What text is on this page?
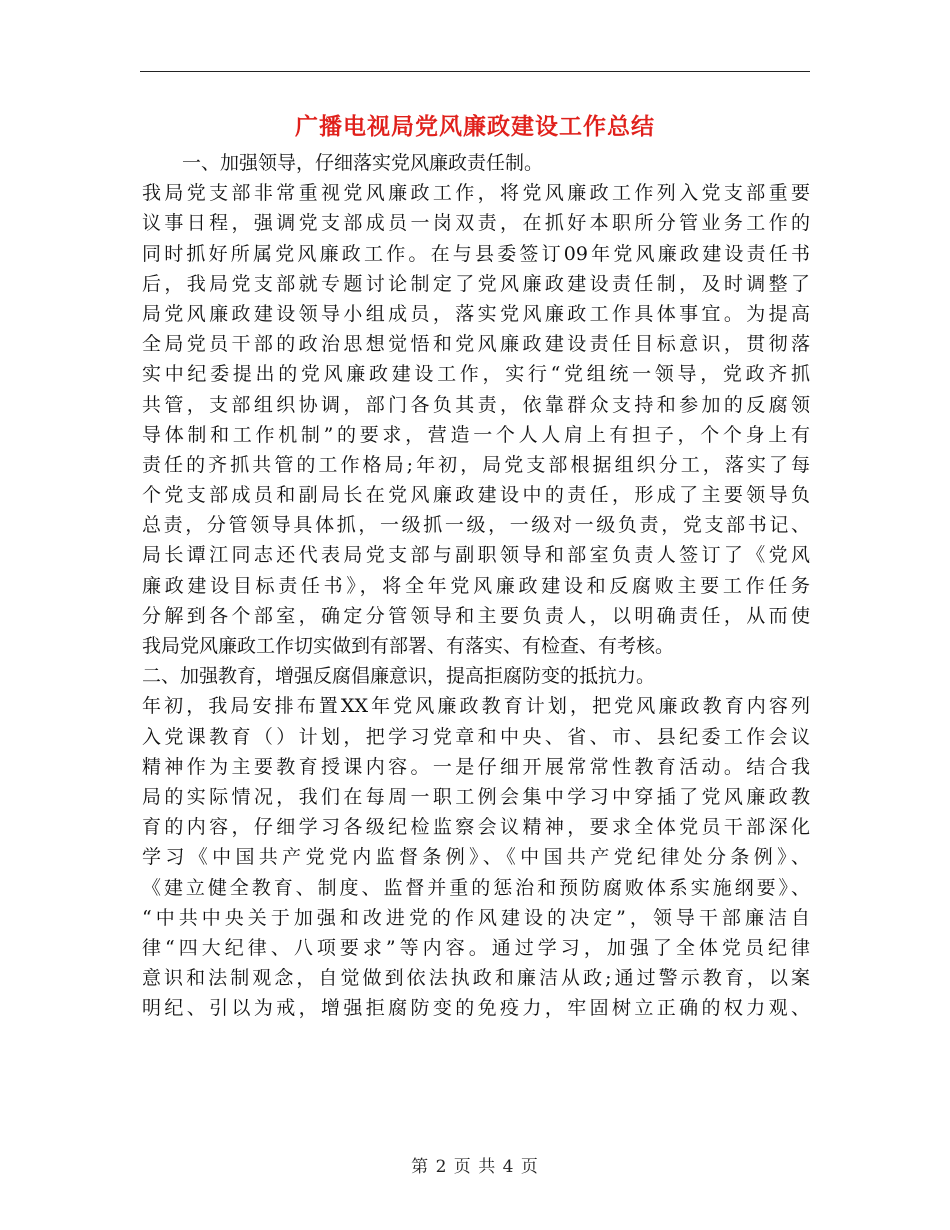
广播电视局党风廉政建设工作总结
一、加强领导，仔细落实党风廉政责任制。
我局党支部非常重视党风廉政工作，将党风廉政工作列入党支部重要
议事日程，强调党支部成员一岗双责，在抓好本职所分管业务工作的
同时抓好所属党风廉政工作。在与县委签订09年党风廉政建设责任书
后，我局党支部就专题讨论制定了党风廉政建设责任制，及时调整了
局党风廉政建设领导小组成员，落实党风廉政工作具体事宜。为提高
全局党员干部的政治思想觉悟和党风廉政建设责任目标意识，贯彻落
实中纪委提出的党风廉政建设工作，实行“党组统一领导，党政齐抓
共管，支部组织协调，部门各负其责，依靠群众支持和参加的反腐领
导体制和工作机制”的要求，营造一个人人肩上有担子，个个身上有
责任的齐抓共管的工作格局;年初，局党支部根据组织分工，落实了每
个党支部成员和副局长在党风廉政建设中的责任，形成了主要领导负
总责，分管领导具体抓，一级抓一级，一级对一级负责，党支部书记、
局长谭江同志还代表局党支部与副职领导和部室负责人签订了《党风
廉政建设目标责任书》，将全年党风廉政建设和反腐败主要工作任务
分解到各个部室，确定分管领导和主要负责人，以明确责任，从而使
我局党风廉政工作切实做到有部署、有落实、有检查、有考核。
二、加强教育，增强反腐倡廉意识，提高拒腐防变的抵抗力。
年初，我局安排布置XX年党风廉政教育计划，把党风廉政教育内容列
入党课教育（）计划，把学习党章和中央、省、市、县纪委工作会议
精神作为主要教育授课内容。一是仔细开展常常性教育活动。结合我
局的实际情况，我们在每周一职工例会集中学习中穿插了党风廉政教
育的内容，仔细学习各级纪检监察会议精神，要求全体党员干部深化
学习《中国共产党党内监督条例》、《中国共产党纪律处分条例》、
《建立健全教育、制度、监督并重的惩治和预防腐败体系实施纲要》、
“中共中央关于加强和改进党的作风建设的决定”，领导干部廉洁自
律“四大纪律、八项要求”等内容。通过学习，加强了全体党员纪律
意识和法制观念，自觉做到依法执政和廉洁从政;通过警示教育，以案
明纪、引以为戒，增强拒腐防变的免疫力，牢固树立正确的权力观、
第 2 页 共 4 页
